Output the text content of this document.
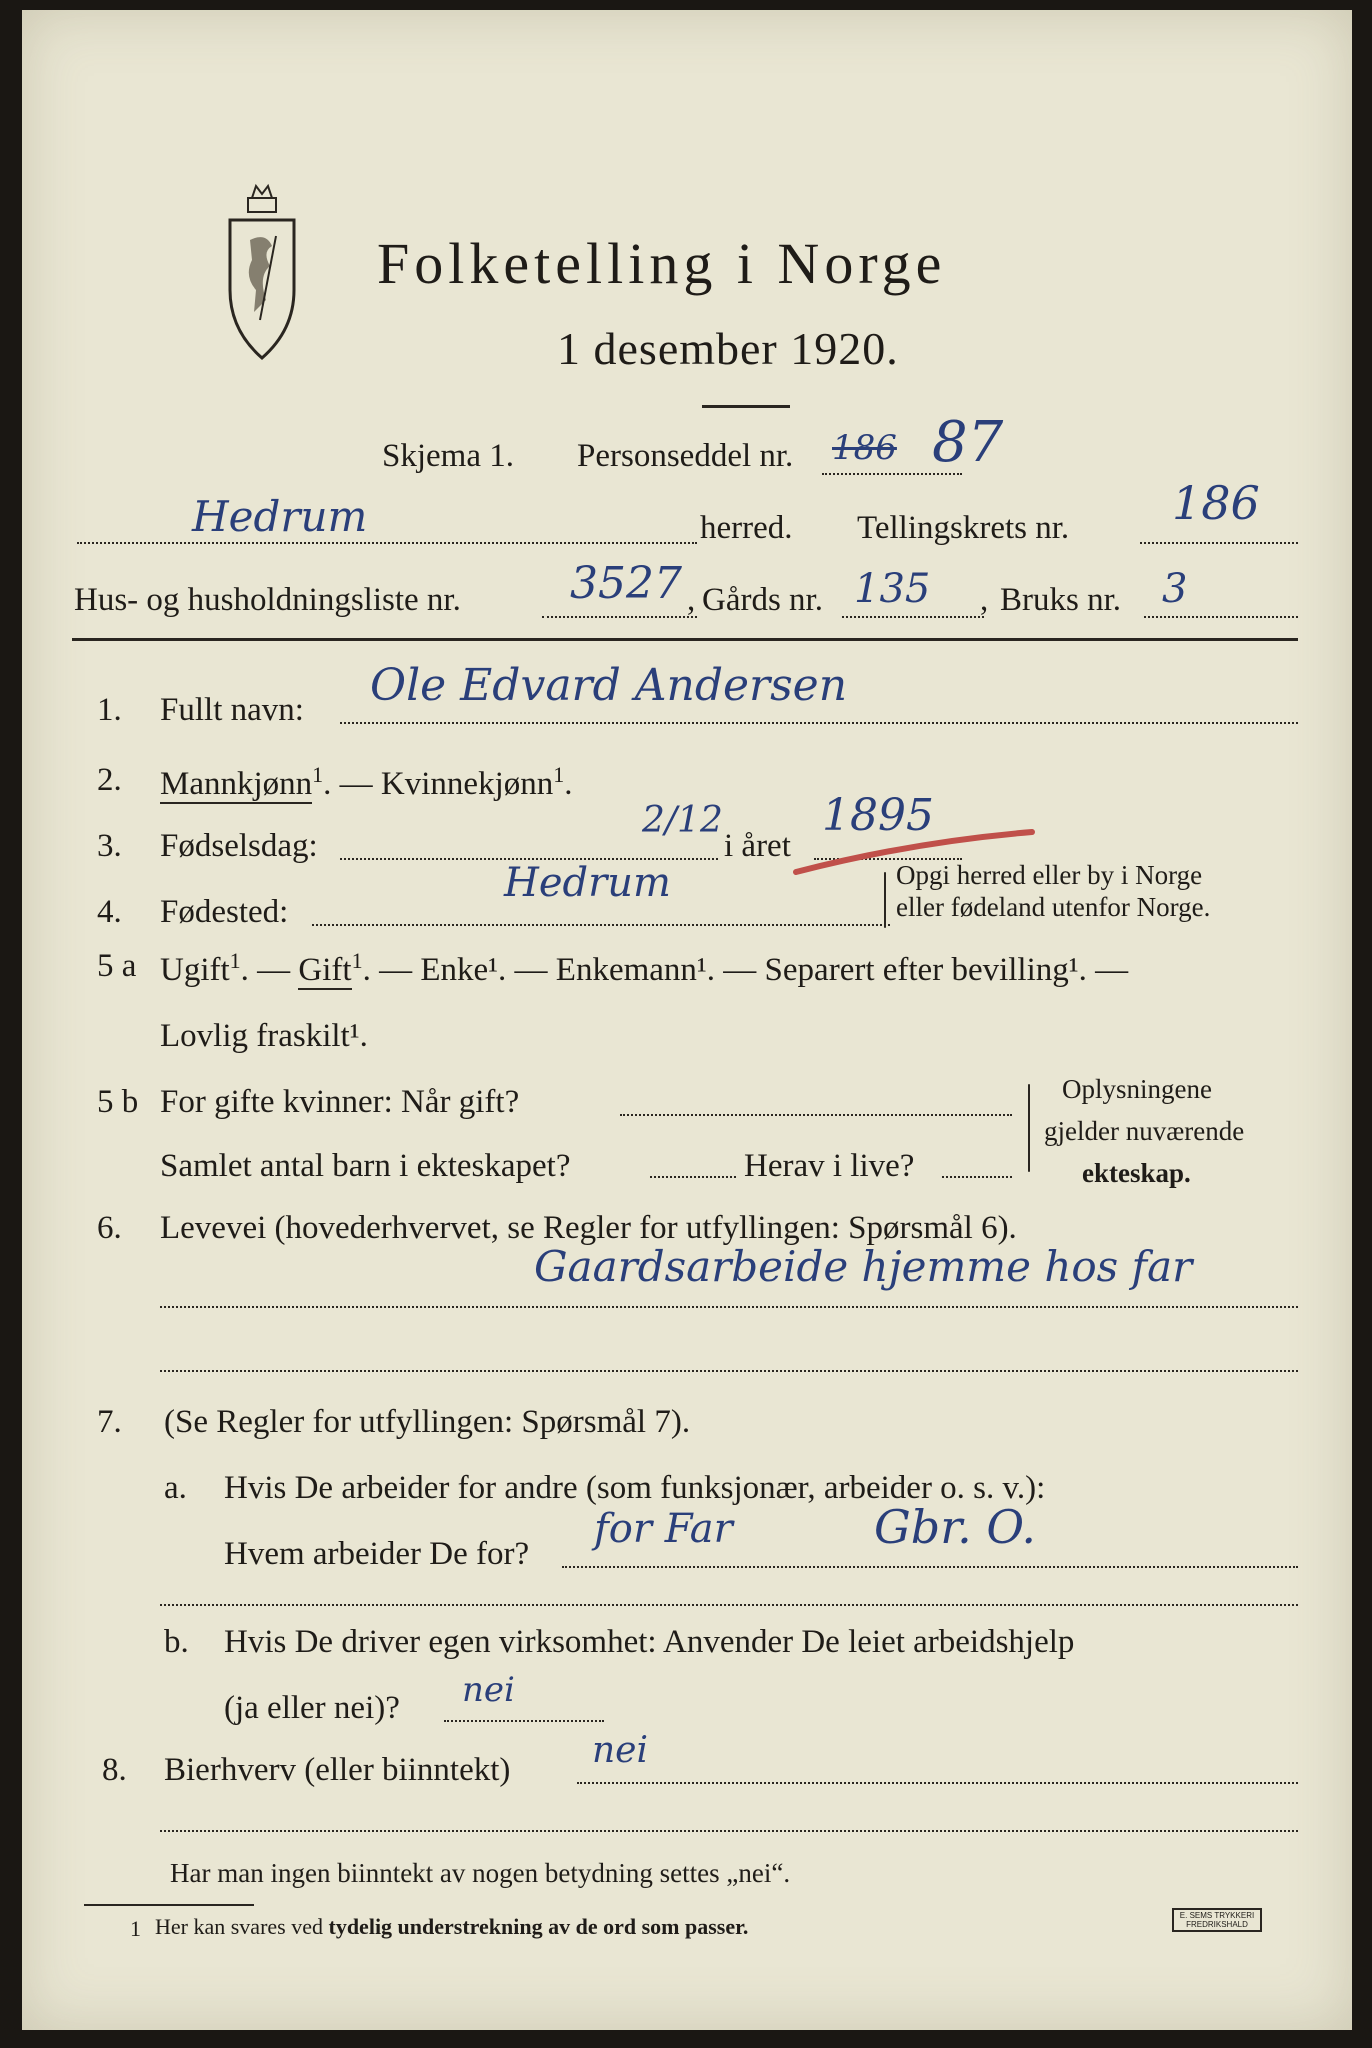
Folketelling i Norge
1 desember 1920.
Skjema 1. Personseddel nr. 186 87
Hedrum	herred. Tellingskrets nr. 186
Hus- og husholdningsliste nr. 3527 , Gårds nr. 135 , Bruks nr. 3
1. Fullt navn: Ole Edvard Andersen
2. Mannkjønn$^1$. — Kvinnekjønn$^1$.
3. Fødselsdag:
2/12
i året
1895
4. Fødested:
Hedrum	Opgi herred eller by i Norge
eller fødeland utenfor Norge.
5 a Ugift$^1$. — Gift$^1$. — Enke¹. — Enkemann¹. — Separert efter bevilling¹. —
Lovlig fraskilt¹.
5 b For gifte kvinner: Når gift?
Samlet antal barn i ekteskapet?	Herav i live?
Oplysningene
gjelder nuværende
ekteskap.
6. Levevei (hovederhvervet, se Regler for utfyllingen: Spørsmål 6).
Gaardsarbeide hjemme hos far
7. (Se Regler for utfyllingen: Spørsmål 7).
a. Hvis De arbeider for andre (som funksjonær, arbeider o. s. v.):
Hvem arbeider De for?
for Far	Gbr. O.
b. Hvis De driver egen virksomhet: Anvender De leiet arbeidshjelp
(ja eller nei)? nei
8. Bierhverv (eller biinntekt) nei
Har man ingen biinntekt av nogen betydning settes „nei“.
1 Her kan svares ved tydelig understrekning av de ord som passer.	E. SEMS TRYKKERI FREDRIKSHALD
